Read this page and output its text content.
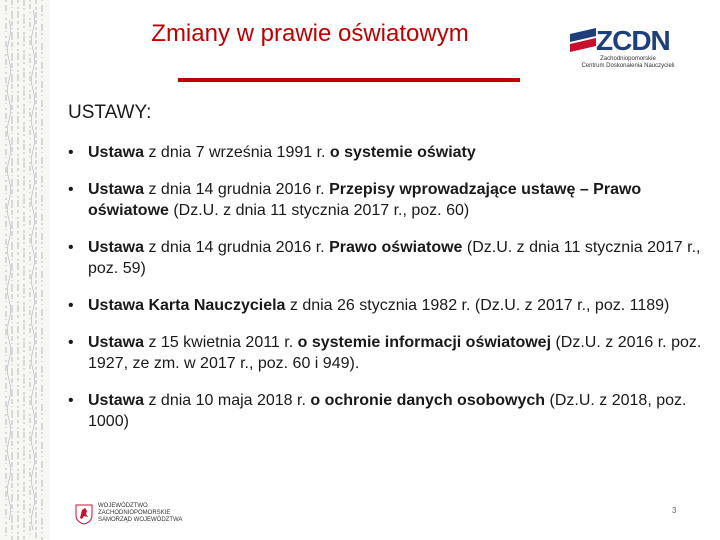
Zmiany w prawie oświatowym	ZCDN
Zachodniopomorskie
Centrum Doskonalenia Nauczycieli
USTAWY:
• Ustawa z dnia 7 września 1991 r. o systemie oświaty
• Ustawa z dnia 14 grudnia 2016 r. Przepisy wprowadzające ustawę – Prawo oświatowe (Dz.U. z dnia 11 stycznia 2017 r., poz. 60)
• Ustawa z dnia 14 grudnia 2016 r. Prawo oświatowe (Dz.U. z dnia 11 stycznia 2017 r., poz. 59)
• Ustawa Karta Nauczyciela z dnia 26 stycznia 1982 r. (Dz.U. z 2017 r., poz. 1189)
• Ustawa z 15 kwietnia 2011 r. o systemie informacji oświatowej (Dz.U. z 2016 r. poz. 1927, ze zm. w 2017 r., poz. 60 i 949).
• Ustawa z dnia 10 maja 2018 r. o ochronie danych osobowych (Dz.U. z 2018, poz. 1000)
WOJEWÓDZTWO
ZACHODNIOPOMORSKIE
SAMORZĄD WOJEWÓDZTWA
3
